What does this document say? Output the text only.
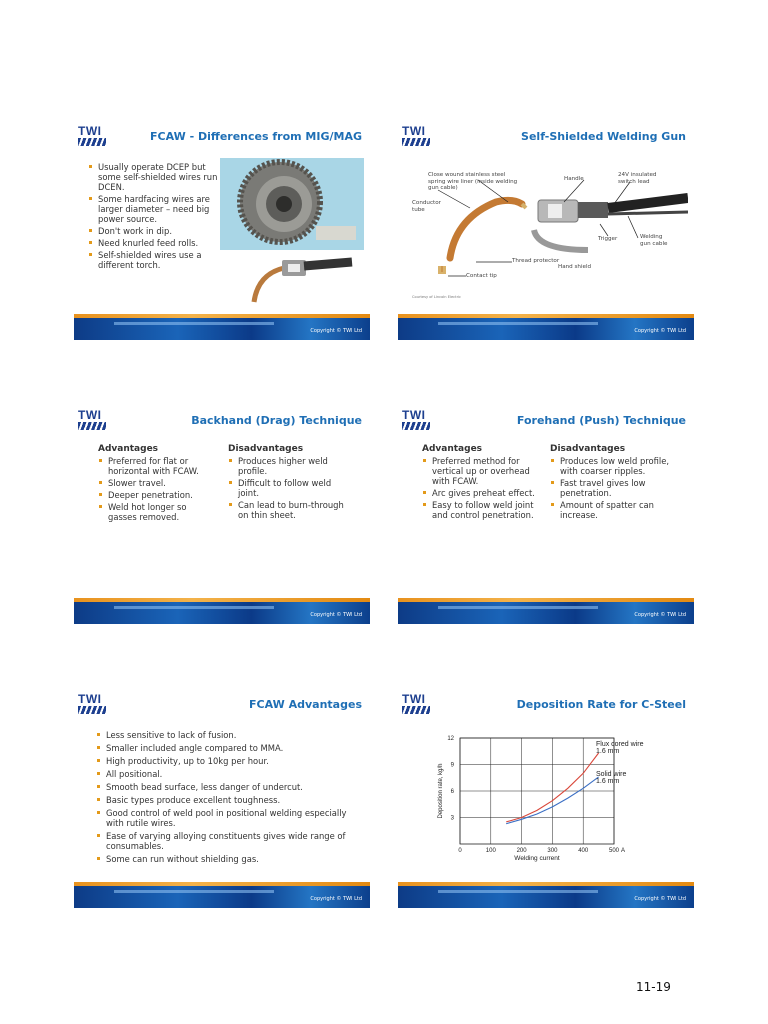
TWI	FCAW - Differences from MIG/MAG
Usually operate DCEP but some self-shielded wires run DCEN.
Some hardfacing wires are larger diameter – need big power source.
Don't work in dip.
Need knurled feed rolls.
Self-shielded wires use a different torch.
Copyright © TWI Ltd
TWI	Self-Shielded Welding Gun
Close wound stainless steel spring wire liner (inside welding gun cable)
Handle
24V insulated switch lead
Conductor tube
Trigger	Welding gun cable
Thread protector
Hand shield
Contact tip
Courtesy of Lincoln Electric
Copyright © TWI Ltd
TWI	Backhand (Drag) Technique
Advantages
Preferred for flat or horizontal with FCAW.
Slower travel.
Deeper penetration.
Weld hot longer so gasses removed.
Disadvantages
Produces higher weld profile.
Difficult to follow weld joint.
Can lead to burn-through on thin sheet.
Copyright © TWI Ltd
TWI	Forehand (Push) Technique
Advantages
Preferred method for vertical up or overhead with FCAW.
Arc gives preheat effect.
Easy to follow weld joint and control penetration.
Disadvantages
Produces low weld profile, with coarser ripples.
Fast travel gives low penetration.
Amount of spatter can increase.
Copyright © TWI Ltd
TWI	FCAW Advantages
Less sensitive to lack of fusion.
Smaller included angle compared to MMA.
High productivity, up to 10kg per hour.
All positional.
Smooth bead surface, less danger of undercut.
Basic types produce excellent toughness.
Good control of weld pool in positional welding especially with rutile wires.
Ease of varying alloying constituents gives wide range of consumables.
Some can run without shielding gas.
Copyright © TWI Ltd
TWI	Deposition Rate for C-Steel
0	100	200	300	400	500
3
6
9
12
A
Welding current
Deposition rate, kg/h
Flux cored wire
1.6 mm
Solid wire
1.6 mm
Copyright © TWI Ltd
11-19
